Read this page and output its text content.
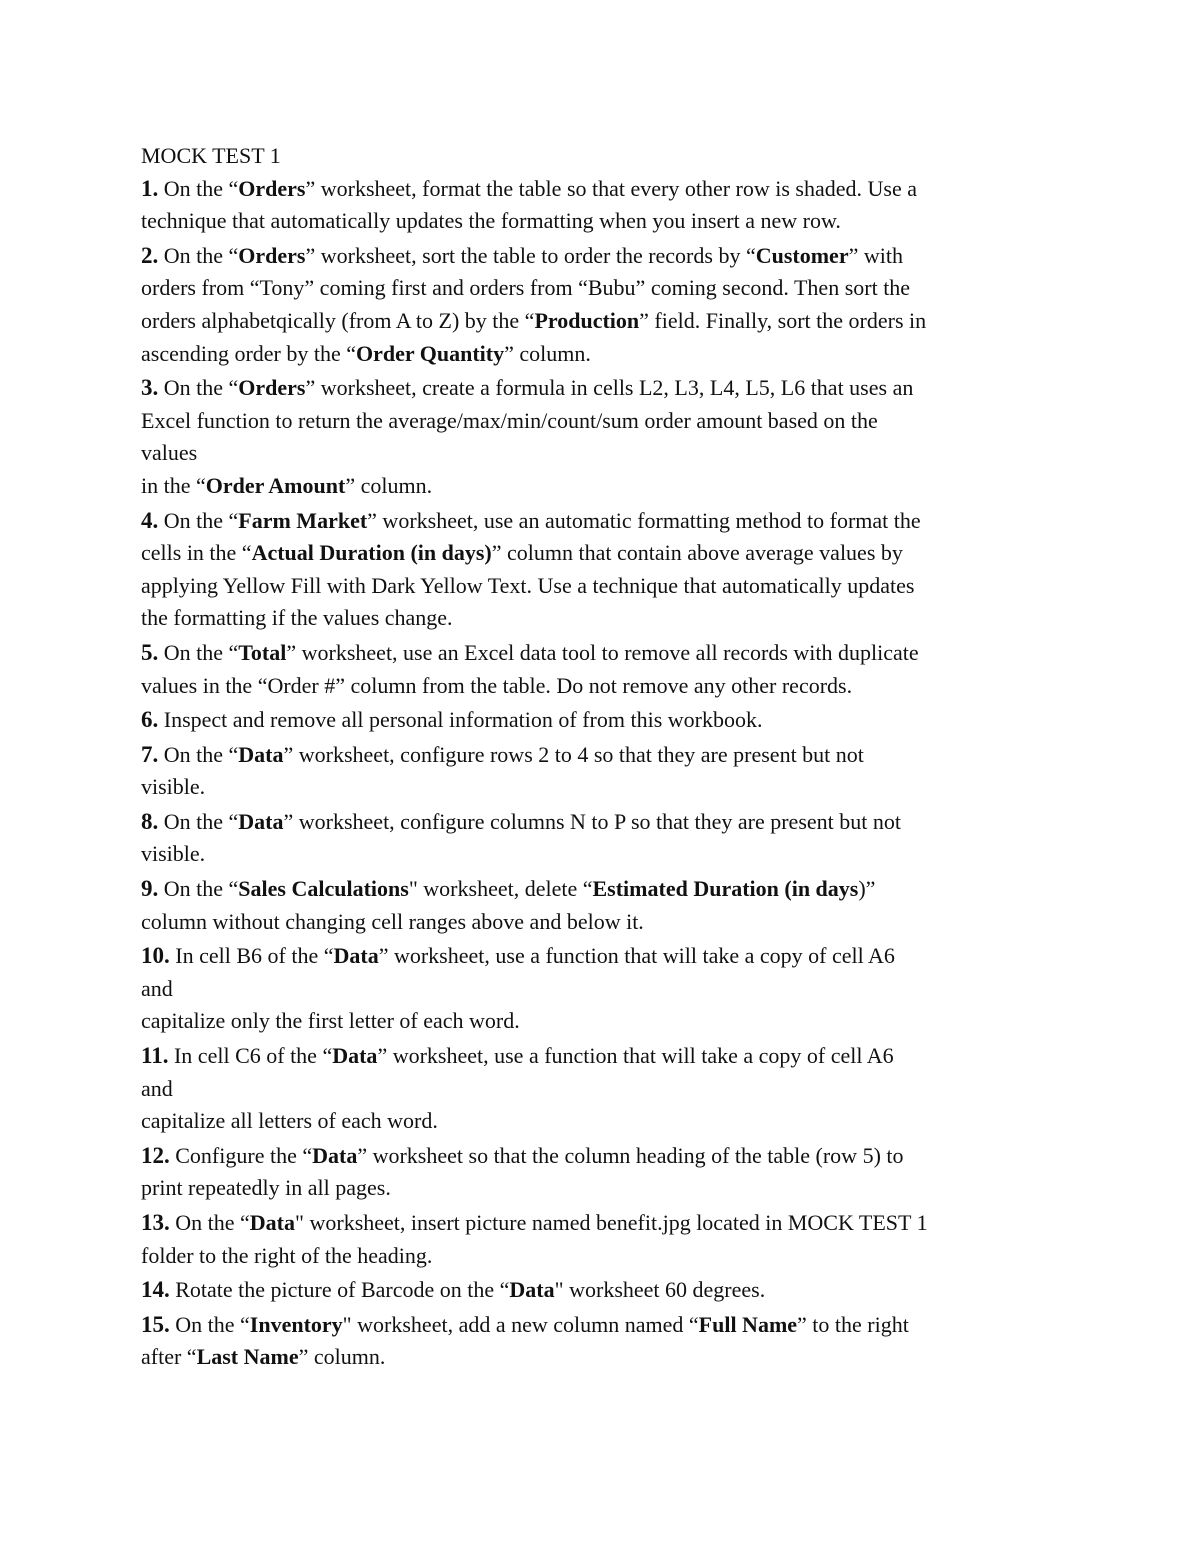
MOCK TEST 1
1. On the “Orders” worksheet, format the table so that every other row is shaded. Use a
technique that automatically updates the formatting when you insert a new row.
2. On the “Orders” worksheet, sort the table to order the records by “Customer” with
orders from “Tony” coming first and orders from “Bubu” coming second. Then sort the
orders alphabetqically (from A to Z) by the “Production” field. Finally, sort the orders in
ascending order by the “Order Quantity” column.
3. On the “Orders” worksheet, create a formula in cells L2, L3, L4, L5, L6 that uses an
Excel function to return the average/max/min/count/sum order amount based on the
values
in the “Order Amount” column.
4. On the “Farm Market” worksheet, use an automatic formatting method to format the
cells in the “Actual Duration (in days)” column that contain above average values by
applying Yellow Fill with Dark Yellow Text. Use a technique that automatically updates
the formatting if the values change.
5. On the “Total” worksheet, use an Excel data tool to remove all records with duplicate
values in the “Order #” column from the table. Do not remove any other records.
6. Inspect and remove all personal information of from this workbook.
7. On the “Data” worksheet, configure rows 2 to 4 so that they are present but not
visible.
8. On the “Data” worksheet, configure columns N to P so that they are present but not
visible.
9. On the “Sales Calculations" worksheet, delete “Estimated Duration (in days)”
column without changing cell ranges above and below it.
10. In cell B6 of the “Data” worksheet, use a function that will take a copy of cell A6
and
capitalize only the first letter of each word.
11. In cell C6 of the “Data” worksheet, use a function that will take a copy of cell A6
and
capitalize all letters of each word.
12. Configure the “Data” worksheet so that the column heading of the table (row 5) to
print repeatedly in all pages.
13. On the “Data" worksheet, insert picture named benefit.jpg located in MOCK TEST 1
folder to the right of the heading.
14. Rotate the picture of Barcode on the “Data" worksheet 60 degrees.
15. On the “Inventory" worksheet, add a new column named “Full Name” to the right
after “Last Name” column.
